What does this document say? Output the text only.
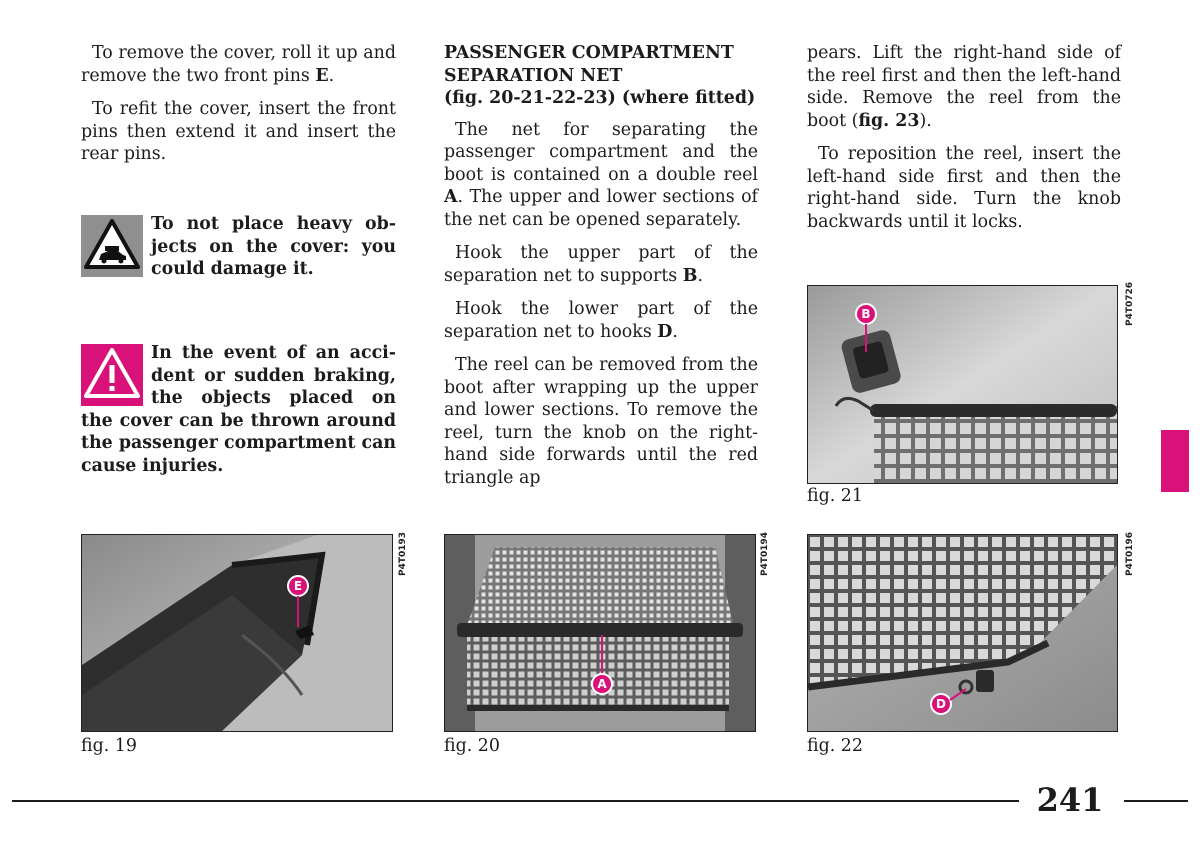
To remove the cover, roll it up and remove the two front pins E.

To refit the cover, insert the front pins then extend it and insert the rear pins.

To not place heavy objects on the cover: you could damage it.
In the event of an accident or sudden braking, the objects placed on the cover can be thrown around the passenger compartment can cause injuries.
PASSENGER COMPARTMENT
SEPARATION NET
(fig. 20-21-22-23) (where fitted)

The net for separating the passenger compartment and the boot is contained on a double reel A. The upper and lower sections of the net can be opened separately.

Hook the upper part of the separation net to supports B.

Hook the lower part of the separation net to hooks D.

The reel can be removed from the boot after wrapping up the upper and lower sections. To remove the reel, turn the knob on the right-hand side forwards until the red triangle ap

pears. Lift the right-hand side of the reel first and then the left-hand side. Remove the reel from the boot (fig. 23).

To reposition the reel, insert the left-hand side first and then the right-hand side. Turn the knob backwards until it locks.

B	P4T0726
fig. 21
E
P4T0193
fig. 19
A
P4T0194
fig. 20
D
P4T0196
fig. 22
241
